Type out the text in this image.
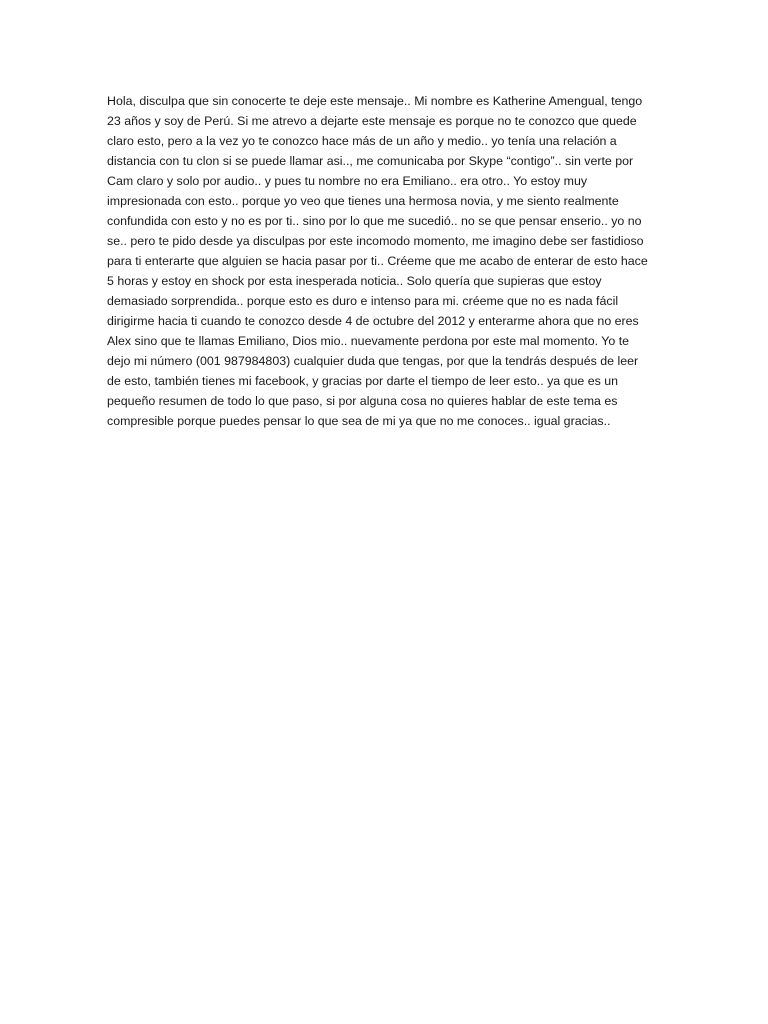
Hola, disculpa que sin conocerte te deje este mensaje.. Mi nombre es Katherine Amengual, tengo
23 años y soy de Perú. Si me atrevo a dejarte este mensaje es porque no te conozco que quede
claro esto, pero a la vez yo te conozco hace más de un año y medio.. yo tenía una relación a
distancia con tu clon si se puede llamar asi.., me comunicaba por Skype “contigo”.. sin verte por
Cam claro y solo por audio.. y pues tu nombre no era Emiliano.. era otro.. Yo estoy muy
impresionada con esto.. porque yo veo que tienes una hermosa novia, y me siento realmente
confundida con esto y no es por ti.. sino por lo que me sucedió.. no se que pensar enserio.. yo no
se.. pero te pido desde ya disculpas por este incomodo momento, me imagino debe ser fastidioso
para ti enterarte que alguien se hacia pasar por ti.. Créeme que me acabo de enterar de esto hace
5 horas y estoy en shock por esta inesperada noticia.. Solo quería que supieras que estoy
demasiado sorprendida.. porque esto es duro e intenso para mi. créeme que no es nada fácil
dirigirme hacia ti cuando te conozco desde 4 de octubre del 2012 y enterarme ahora que no eres
Alex sino que te llamas Emiliano, Dios mio.. nuevamente perdona por este mal momento. Yo te
dejo mi número (001 987984803) cualquier duda que tengas, por que la tendrás después de leer
de esto, también tienes mi facebook, y gracias por darte el tiempo de leer esto.. ya que es un
pequeño resumen de todo lo que paso, si por alguna cosa no quieres hablar de este tema es
compresible porque puedes pensar lo que sea de mi ya que no me conoces.. igual gracias..
